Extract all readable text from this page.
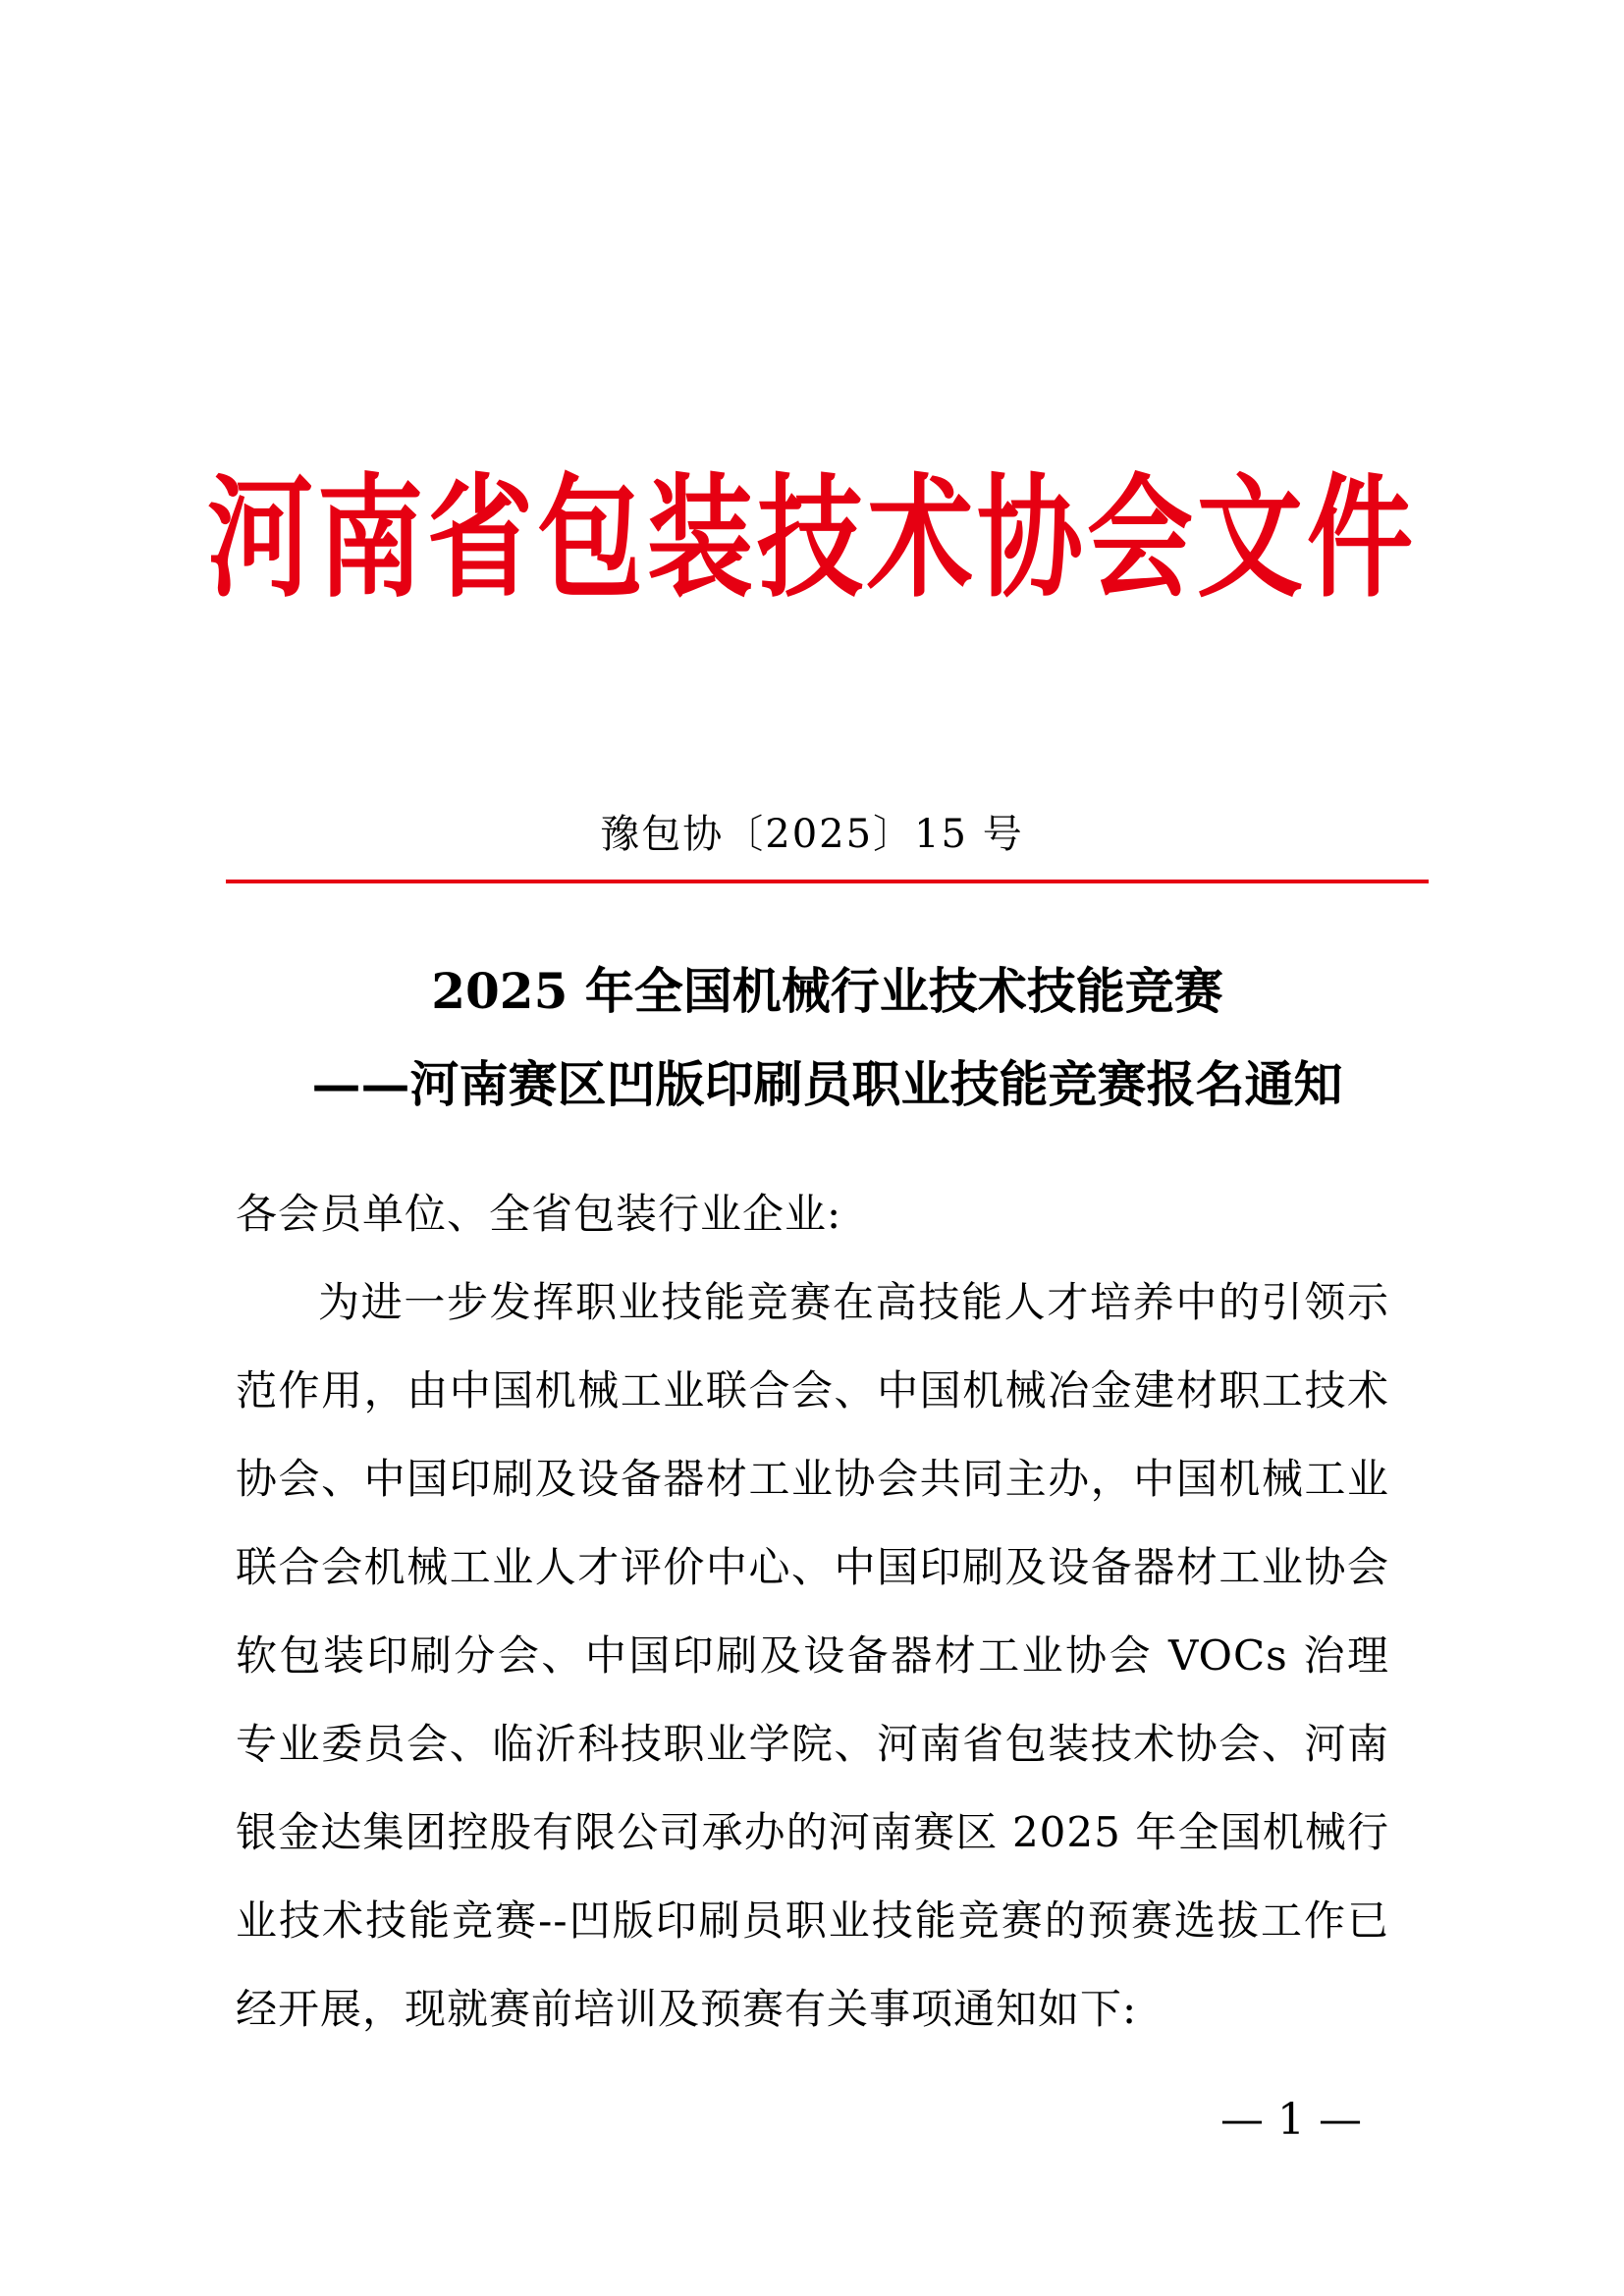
河南省包装技术协会文件
豫包协〔2025〕15 号
2025 年全国机械行业技术技能竞赛
——河南赛区凹版印刷员职业技能竞赛报名通知
各会员单位、全省包装行业企业:
为进一步发挥职业技能竞赛在高技能人才培养中的引领示范作用，由中国机械工业联合会、中国机械冶金建材职工技术协会、中国印刷及设备器材工业协会共同主办，中国机械工业联合会机械工业人才评价中心、中国印刷及设备器材工业协会软包装印刷分会、中国印刷及设备器材工业协会 VOCs 治理专业委员会、临沂科技职业学院、河南省包装技术协会、河南银金达集团控股有限公司承办的河南赛区 2025 年全国机械行业技术技能竞赛--凹版印刷员职业技能竞赛的预赛选拔工作已经开展，现就赛前培训及预赛有关事项通知如下:
— 1 —
